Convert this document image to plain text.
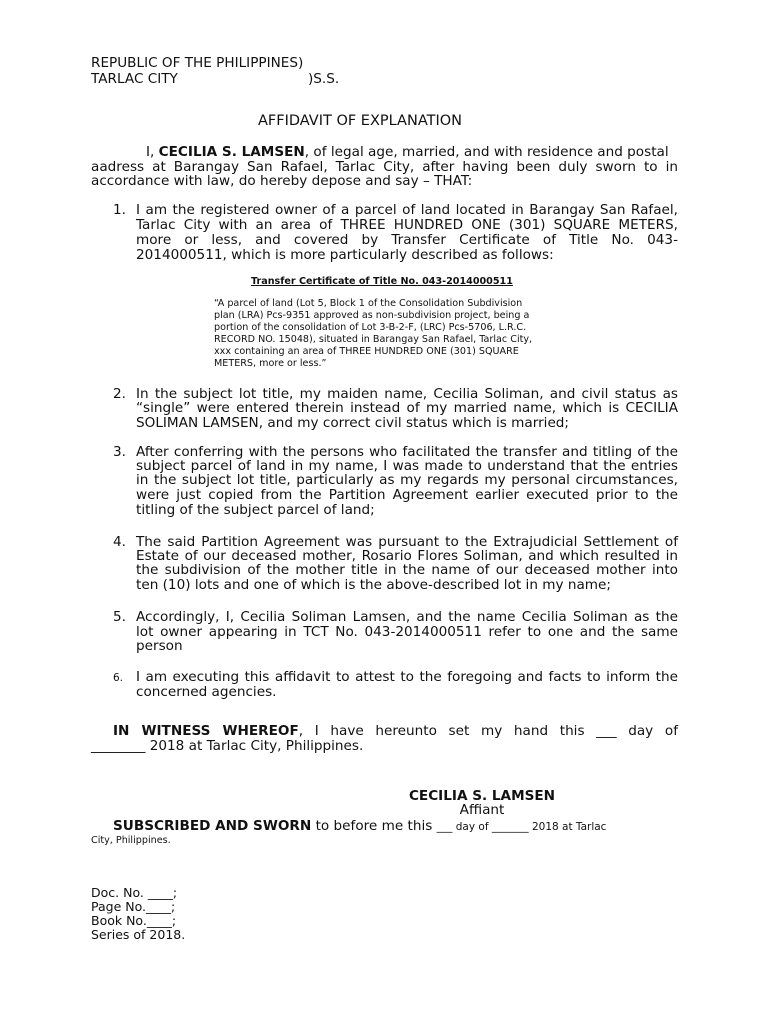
REPUBLIC OF THE PHILIPPINES)
TARLAC CITY	)S.S.
AFFIDAVIT OF EXPLANATION
I, CECILIA S. LAMSEN, of legal age, married, and with residence and postal
aadress at Barangay San Rafael, Tarlac City, after having been duly sworn to in
accordance with law, do hereby depose and say – THAT:
1. I am the registered owner of a parcel of land located in Barangay San Rafael,
Tarlac City with an area of THREE HUNDRED ONE (301) SQUARE METERS,
more or less, and covered by Transfer Certificate of Title No. 043-
2014000511, which is more particularly described as follows:
Transfer Certificate of Title No. 043-2014000511
“A parcel of land (Lot 5, Block 1 of the Consolidation Subdivision
plan (LRA) Pcs-9351 approved as non-subdivision project, being a
portion of the consolidation of Lot 3-B-2-F, (LRC) Pcs-5706, L.R.C.
RECORD NO. 15048), situated in Barangay San Rafael, Tarlac City,
xxx containing an area of THREE HUNDRED ONE (301) SQUARE
METERS, more or less.”
2. In the subject lot title, my maiden name, Cecilia Soliman, and civil status as
“single” were entered therein instead of my married name, which is CECILIA
SOLIMAN LAMSEN, and my correct civil status which is married;
3. After conferring with the persons who facilitated the transfer and titling of the
subject parcel of land in my name, I was made to understand that the entries
in the subject lot title, particularly as my regards my personal circumstances,
were just copied from the Partition Agreement earlier executed prior to the
titling of the subject parcel of land;
4. The said Partition Agreement was pursuant to the Extrajudicial Settlement of
Estate of our deceased mother, Rosario Flores Soliman, and which resulted in
the subdivision of the mother title in the name of our deceased mother into
ten (10) lots and one of which is the above-described lot in my name;
5. Accordingly, I, Cecilia Soliman Lamsen, and the name Cecilia Soliman as the
lot owner appearing in TCT No. 043-2014000511 refer to one and the same
person
6. I am executing this affidavit to attest to the foregoing and facts to inform the
concerned agencies.
IN WITNESS WHEREOF, I have hereunto set my hand this ___ day of
________ 2018 at Tarlac City, Philippines.
CECILIA S. LAMSEN
Affiant
SUBSCRIBED AND SWORN to before me this ___ day of _______ 2018 at Tarlac
City, Philippines.
Doc. No. ____;
Page No.____;
Book No.____;
Series of 2018.
